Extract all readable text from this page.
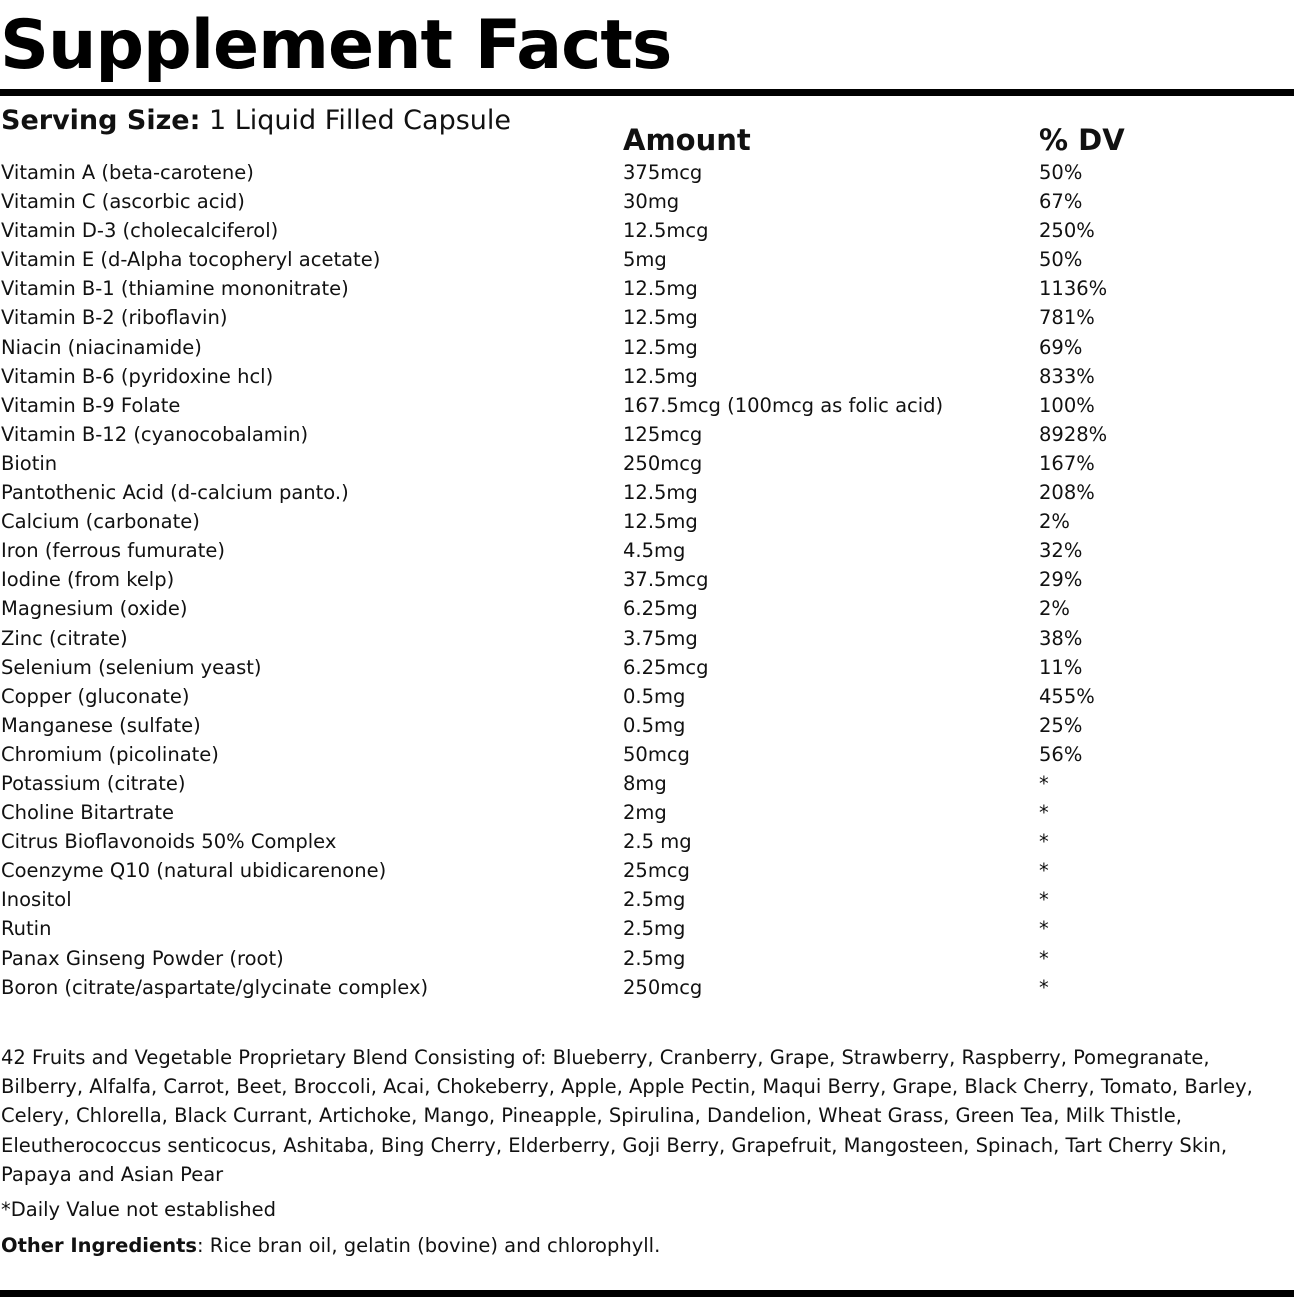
Supplement Facts
Serving Size: 1 Liquid Filled Capsule
Amount	% DV
Vitamin A (beta-carotene)	375mcg	50%
Vitamin C (ascorbic acid)	30mg	67%
Vitamin D-3 (cholecalciferol)	12.5mcg	250%
Vitamin E (d-Alpha tocopheryl acetate)	5mg	50%
Vitamin B-1 (thiamine mononitrate)	12.5mg	1136%
Vitamin B-2 (riboflavin)	12.5mg	781%
Niacin (niacinamide)	12.5mg	69%
Vitamin B-6 (pyridoxine hcl)	12.5mg	833%
Vitamin B-9 Folate	167.5mcg (100mcg as folic acid)	100%
Vitamin B-12 (cyanocobalamin)	125mcg	8928%
Biotin	250mcg	167%
Pantothenic Acid (d-calcium panto.)	12.5mg	208%
Calcium (carbonate)	12.5mg	2%
Iron (ferrous fumurate)	4.5mg	32%
Iodine (from kelp)	37.5mcg	29%
Magnesium (oxide)	6.25mg	2%
Zinc (citrate)	3.75mg	38%
Selenium (selenium yeast)	6.25mcg	11%
Copper (gluconate)	0.5mg	455%
Manganese (sulfate)	0.5mg	25%
Chromium (picolinate)	50mcg	56%
Potassium (citrate)	8mg	*
Choline Bitartrate	2mg	*
Citrus Bioflavonoids 50% Complex	2.5 mg	*
Coenzyme Q10 (natural ubidicarenone)	25mcg	*
Inositol	2.5mg	*
Rutin	2.5mg	*
Panax Ginseng Powder (root)	2.5mg	*
Boron (citrate/aspartate/glycinate complex)	250mcg	*

42 Fruits and Vegetable Proprietary Blend Consisting of: Blueberry, Cranberry, Grape, Strawberry, Raspberry, Pomegranate, Bilberry, Alfalfa, Carrot, Beet, Broccoli, Acai, Chokeberry, Apple, Apple Pectin, Maqui Berry, Grape, Black Cherry, Tomato, Barley, Celery, Chlorella, Black Currant, Artichoke, Mango, Pineapple, Spirulina, Dandelion, Wheat Grass, Green Tea, Milk Thistle, Eleutherococcus senticocus, Ashitaba, Bing Cherry, Elderberry, Goji Berry, Grapefruit, Mangosteen, Spinach, Tart Cherry Skin, Papaya and Asian Pear

*Daily Value not established
Other Ingredients: Rice bran oil, gelatin (bovine) and chlorophyll.
